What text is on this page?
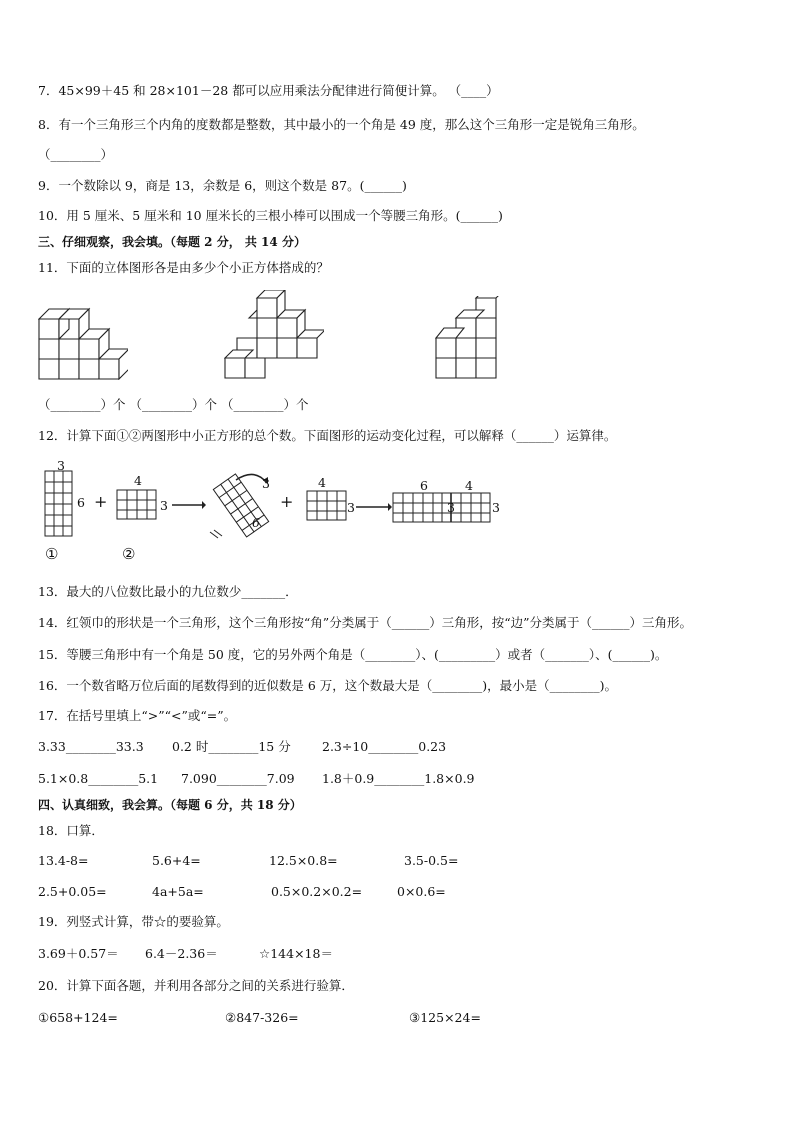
7．45×99＋45 和 28×101－28 都可以应用乘法分配律进行简便计算。 （____）
8．有一个三角形三个内角的度数都是整数，其中最小的一个角是 49 度，那么这个三角形一定是锐角三角形。
（________）
9．一个数除以 9，商是 13，余数是 6，则这个数是 87。(______)
10．用 5 厘米、5 厘米和 10 厘米长的三根小棒可以围成一个等腰三角形。(______)
三、仔细观察，我会填。（每题 2 分， 共 14 分）
11．下面的立体图形各是由多少个小正方体搭成的？
（________）个 （________）个 （________）个
12．计算下面①②两图形中小正方形的总个数。下面图形的运动变化过程，可以解释（______）运算律。
3
6 +
4
3
3
6
+
4
3
6	4
3	3
①	②
13．最大的八位数比最小的九位数少_______．
14．红领巾的形状是一个三角形，这个三角形按“角”分类属于（______）三角形，按“边”分类属于（______）三角形。
15．等腰三角形中有一个角是 50 度，它的另外两个角是（________）、(_________）或者（_______）、(______)。
16．一个数省略万位后面的尾数得到的近似数是 6 万，这个数最大是（________)，最小是（________)。
17．在括号里填上“>”“<”或“=”。
3.33________33.3 0.2 时________15 分	2.3÷10________0.23
5.1×0.8________5.1 7.090________7.09 1.8＋0.9________1.8×0.9
四、认真细致，我会算。（每题 6 分，共 18 分）
18．口算．
13.4-8=	5.6+4=	12.5×0.8=	3.5-0.5=
2.5+0.05=	4a+5a=	0.5×0.2×0.2=	0×0.6=
19．列竖式计算，带☆的要验算。
3.69＋0.57＝ 6.4－2.36＝	☆144×18＝
20．计算下面各题，并利用各部分之间的关系进行验算．
①658+124=	②847-326=	③125×24=
